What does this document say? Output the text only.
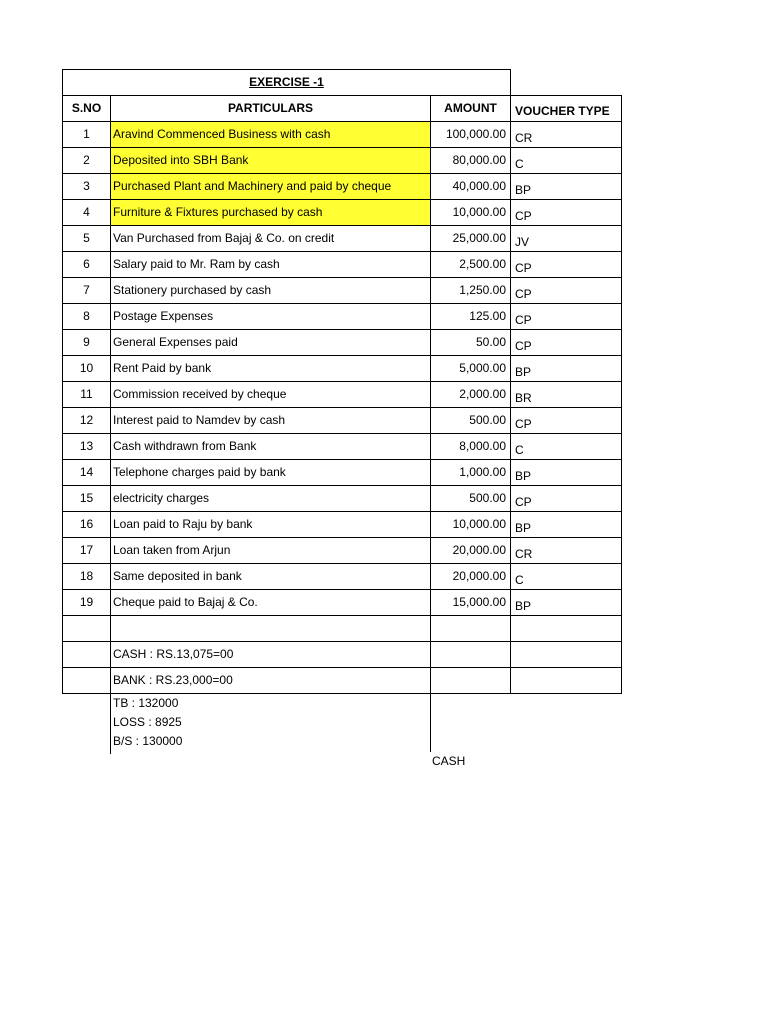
EXERCISE -1			
S.NO	PARTICULARS	AMOUNT	VOUCHER TYPE
1	Aravind Commenced Business with cash	100,000.00	CR
2	Deposited into SBH Bank	80,000.00	C
3	Purchased Plant and Machinery and paid by cheque	40,000.00	BP
4	Furniture & Fixtures purchased by cash	10,000.00	CP
5	Van Purchased from Bajaj & Co. on credit	25,000.00	JV
6	Salary paid to Mr. Ram by cash	2,500.00	CP
7	Stationery purchased by cash	1,250.00	CP
8	Postage Expenses	125.00	CP
9	General Expenses paid	50.00	CP
10	Rent Paid by bank	5,000.00	BP
11	Commission received by cheque	2,000.00	BR
12	Interest paid to Namdev by cash	500.00	CP
13	Cash withdrawn from Bank	8,000.00	C
14	Telephone charges paid by bank	1,000.00	BP
15	electricity charges	500.00	CP
16	Loan paid to Raju by bank	10,000.00	BP
17	Loan taken from Arjun	20,000.00	CR
18	Same deposited in bank	20,000.00	C
19	Cheque paid to Bajaj & Co.	15,000.00	BP

	CASH : RS.13,075=00		
	BANK : RS.23,000=00		
TB : 132000
LOSS : 8925
B/S : 130000
CASH
